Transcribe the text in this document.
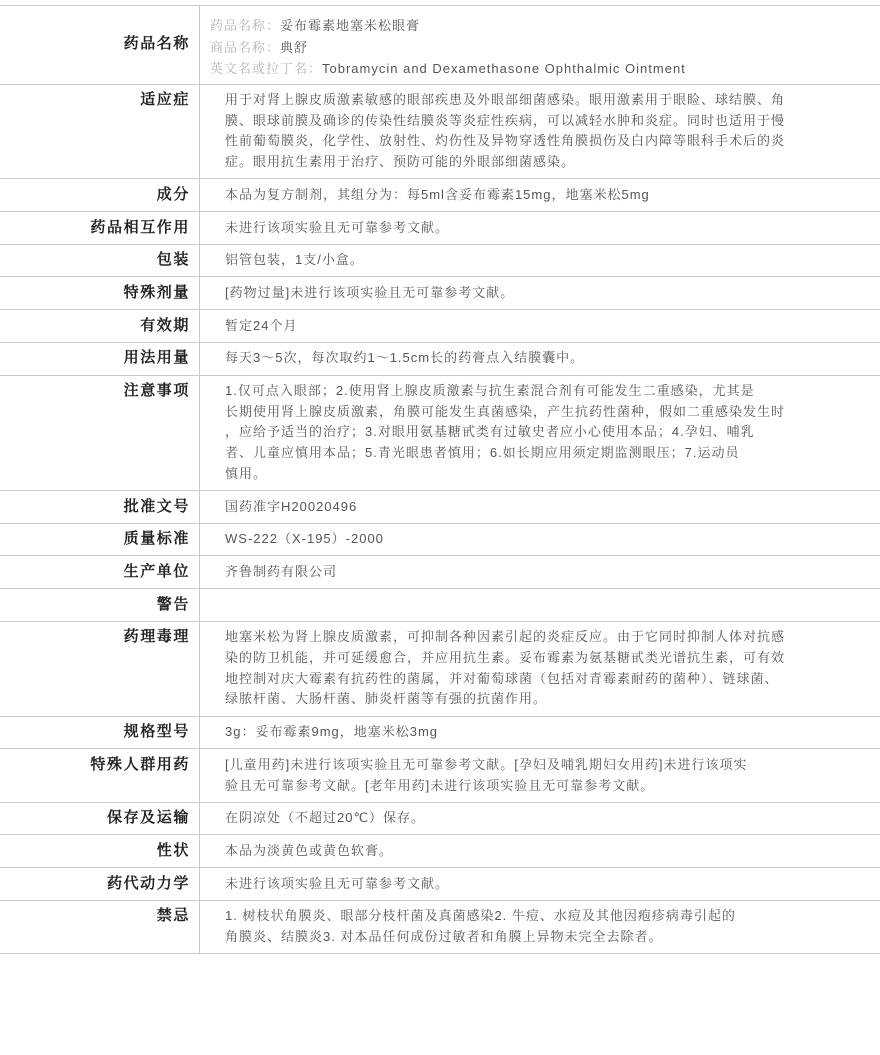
药品名称
药品名称：妥布霉素地塞米松眼膏
商品名称：典舒
英文名或拉丁名：Tobramycin and Dexamethasone Ophthalmic Ointment
适应症	用于对肾上腺皮质激素敏感的眼部疾患及外眼部细菌感染。眼用激素用于眼睑、球结膜、角
膜、眼球前膜及确诊的传染性结膜炎等炎症性疾病，可以减轻水肿和炎症。同时也适用于慢
性前葡萄膜炎，化学性、放射性、灼伤性及异物穿透性角膜损伤及白内障等眼科手术后的炎
症。眼用抗生素用于治疗、预防可能的外眼部细菌感染。
成分	本品为复方制剂，其组分为：每5ml含妥布霉素15mg，地塞米松5mg
药品相互作用	未进行该项实验且无可靠参考文献。
包装	铝管包装，1支/小盒。
特殊剂量	[药物过量]未进行该项实验且无可靠参考文献。
有效期	暂定24个月
用法用量	每天3～5次，每次取约1～1.5cm长的药膏点入结膜囊中。
注意事项	1.仅可点入眼部；2.使用肾上腺皮质激素与抗生素混合剂有可能发生二重感染，尤其是
长期使用肾上腺皮质激素，角膜可能发生真菌感染，产生抗药性菌种，假如二重感染发生时
，应给予适当的治疗；3.对眼用氨基糖甙类有过敏史者应小心使用本品；4.孕妇、哺乳
者、儿童应慎用本品；5.青光眼患者慎用；6.如长期应用须定期监测眼压；7.运动员
慎用。
批准文号	国药准字H20020496
质量标准	WS-222（X-195）-2000
生产单位	齐鲁制药有限公司
警告
药理毒理	地塞米松为肾上腺皮质激素，可抑制各种因素引起的炎症反应。由于它同时抑制人体对抗感
染的防卫机能，并可延缓愈合，并应用抗生素。妥布霉素为氨基糖甙类光谱抗生素，可有效
地控制对庆大霉素有抗药性的菌属，并对葡萄球菌（包括对青霉素耐药的菌种）、链球菌、
绿脓杆菌、大肠杆菌、肺炎杆菌等有强的抗菌作用。
规格型号	3g：妥布霉素9mg，地塞米松3mg
特殊人群用药	[儿童用药]未进行该项实验且无可靠参考文献。[孕妇及哺乳期妇女用药]未进行该项实
验且无可靠参考文献。[老年用药]未进行该项实验且无可靠参考文献。
保存及运输	在阴凉处（不超过20℃）保存。
性状	本品为淡黄色或黄色软膏。
药代动力学	未进行该项实验且无可靠参考文献。
禁忌	1. 树枝状角膜炎、眼部分枝杆菌及真菌感染2. 牛痘、水痘及其他因疱疹病毒引起的
角膜炎、结膜炎3. 对本品任何成份过敏者和角膜上异物未完全去除者。
